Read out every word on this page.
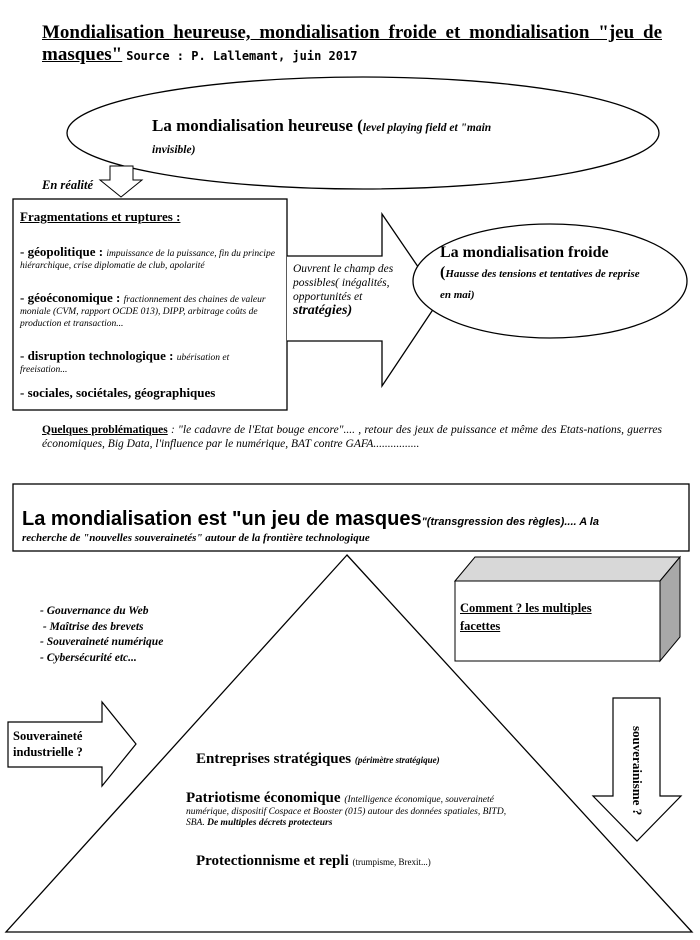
Mondialisation heureuse, mondialisation froide et mondialisation "jeu de masques" Source : P. Lallemant, juin 2017
La mondialisation heureuse (level playing field et "main invisible)
En réalité
Fragmentations et ruptures :
- géopolitique : impuissance de la puissance, fin du principe hiérarchique, crise diplomatie de club, apolarité
- géoéconomique : fractionnement des chaines de valeur moniale (CVM, rapport OCDE 013), DIPP, arbitrage coûts de production et transaction...
- disruption technologique : ubérisation et freeisation...
- sociales, sociétales, géographiques
Ouvrent le champ des possibles( inégalités, opportunités et
stratégies)
La mondialisation froide (Hausse des tensions et tentatives de reprise en mai)
Quelques problématiques : "le cadavre de l'Etat bouge encore".... , retour des jeux de puissance et même des Etats-nations, guerres économiques, Big Data, l'influence par le numérique, BAT contre GAFA................
La mondialisation est "un jeu de masques"(transgression des règles).... A la
recherche de "nouvelles souverainetés" autour de la frontière technologique
- Gouvernance du Web
- Maîtrise des brevets
- Souveraineté numérique
- Cybersécurité etc...
Comment ? les multiples facettes
Souveraineté industrielle ?	souverainisme ?
Entreprises stratégiques (périmètre stratégique)
Patriotisme économique (Intelligence économique, souveraineté numérique, dispositif Cospace et Booster (015) autour des données spatiales, BITD, SBA. De multiples décrets protecteurs
Protectionnisme et repli (trumpisme, Brexit...)
